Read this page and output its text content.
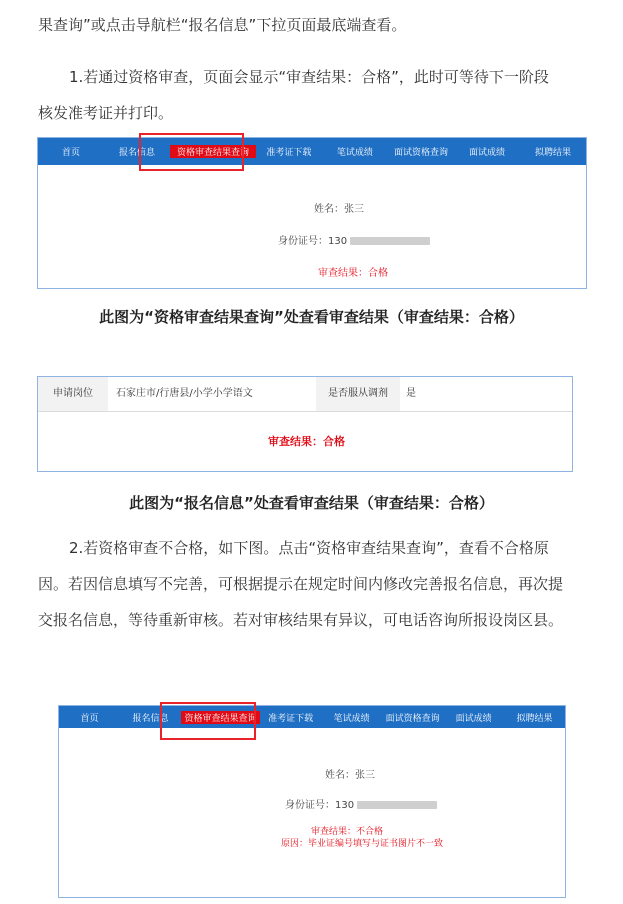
果查询”或点击导航栏“报名信息”下拉页面最底端查看。
1.若通过资格审查，页面会显示“审查结果：合格”，此时可等待下一阶段
核发准考证并打印。
首页	报名信息	资格审查结果查询	准考证下载	笔试成绩	面试资格查询	面试成绩	拟聘结果
姓名：张三
身份证号：130
审查结果：合格
此图为“资格审查结果查询”处查看审查结果（审查结果：合格）
申请岗位	石家庄市/行唐县/小学小学语文	是否服从调剂	是
审查结果：合格
此图为“报名信息”处查看审查结果（审查结果：合格）
2.若资格审查不合格，如下图。点击“资格审查结果查询”，查看不合格原
因。若因信息填写不完善，可根据提示在规定时间内修改完善报名信息，再次提
交报名信息，等待重新审核。若对审核结果有异议，可电话咨询所报设岗区县。
首页	报名信息	资格审查结果查询	准考证下载	笔试成绩	面试资格查询	面试成绩	拟聘结果
姓名：张三
身份证号：130
审查结果：不合格
原因：毕业证编号填写与证书图片不一致
